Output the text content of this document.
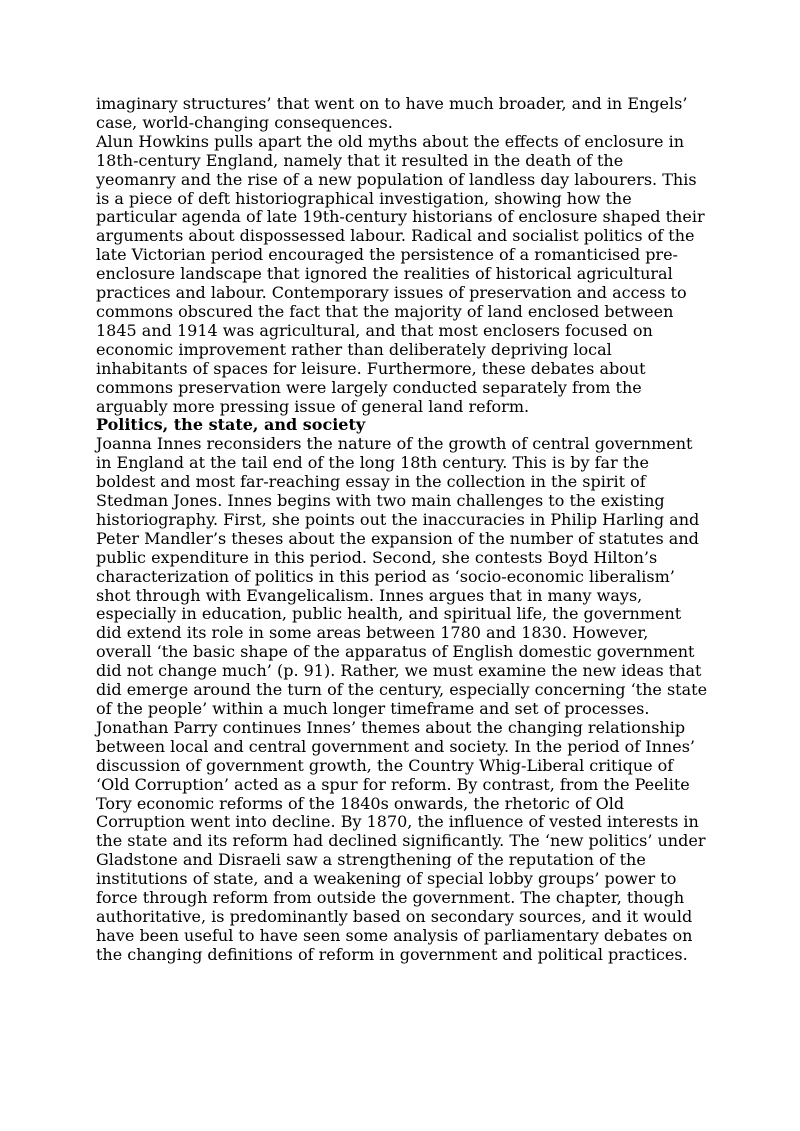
imaginary structures’ that went on to have much broader, and in Engels’ case, world-changing consequences.

Alun Howkins pulls apart the old myths about the effects of enclosure in 18th-century England, namely that it resulted in the death of the yeomanry and the rise of a new population of landless day labourers. This is a piece of deft historiographical investigation, showing how the particular agenda of late 19th-century historians of enclosure shaped their arguments about dispossessed labour. Radical and socialist politics of the late Victorian period encouraged the persistence of a romanticised pre-enclosure landscape that ignored the realities of historical agricultural practices and labour. Contemporary issues of preservation and access to commons obscured the fact that the majority of land enclosed between 1845 and 1914 was agricultural, and that most enclosers focused on economic improvement rather than deliberately depriving local inhabitants of spaces for leisure. Furthermore, these debates about commons preservation were largely conducted separately from the arguably more pressing issue of general land reform.

Politics, the state, and society

Joanna Innes reconsiders the nature of the growth of central government in England at the tail end of the long 18th century. This is by far the boldest and most far-reaching essay in the collection in the spirit of Stedman Jones. Innes begins with two main challenges to the existing historiography. First, she points out the inaccuracies in Philip Harling and Peter Mandler’s theses about the expansion of the number of statutes and public expenditure in this period. Second, she contests Boyd Hilton’s characterization of politics in this period as ‘socio-economic liberalism’ shot through with Evangelicalism. Innes argues that in many ways, especially in education, public health, and spiritual life, the government did extend its role in some areas between 1780 and 1830. However, overall ‘the basic shape of the apparatus of English domestic government did not change much’ (p. 91). Rather, we must examine the new ideas that did emerge around the turn of the century, especially concerning ‘the state of the people’ within a much longer timeframe and set of processes.

Jonathan Parry continues Innes’ themes about the changing relationship between local and central government and society. In the period of Innes’ discussion of government growth, the Country Whig-Liberal critique of ‘Old Corruption’ acted as a spur for reform. By contrast, from the Peelite Tory economic reforms of the 1840s onwards, the rhetoric of Old Corruption went into decline. By 1870, the influence of vested interests in the state and its reform had declined significantly. The ‘new politics’ under Gladstone and Disraeli saw a strengthening of the reputation of the institutions of state, and a weakening of special lobby groups’ power to force through reform from outside the government. The chapter, though authoritative, is predominantly based on secondary sources, and it would have been useful to have seen some analysis of parliamentary debates on the changing definitions of reform in government and political practices.
